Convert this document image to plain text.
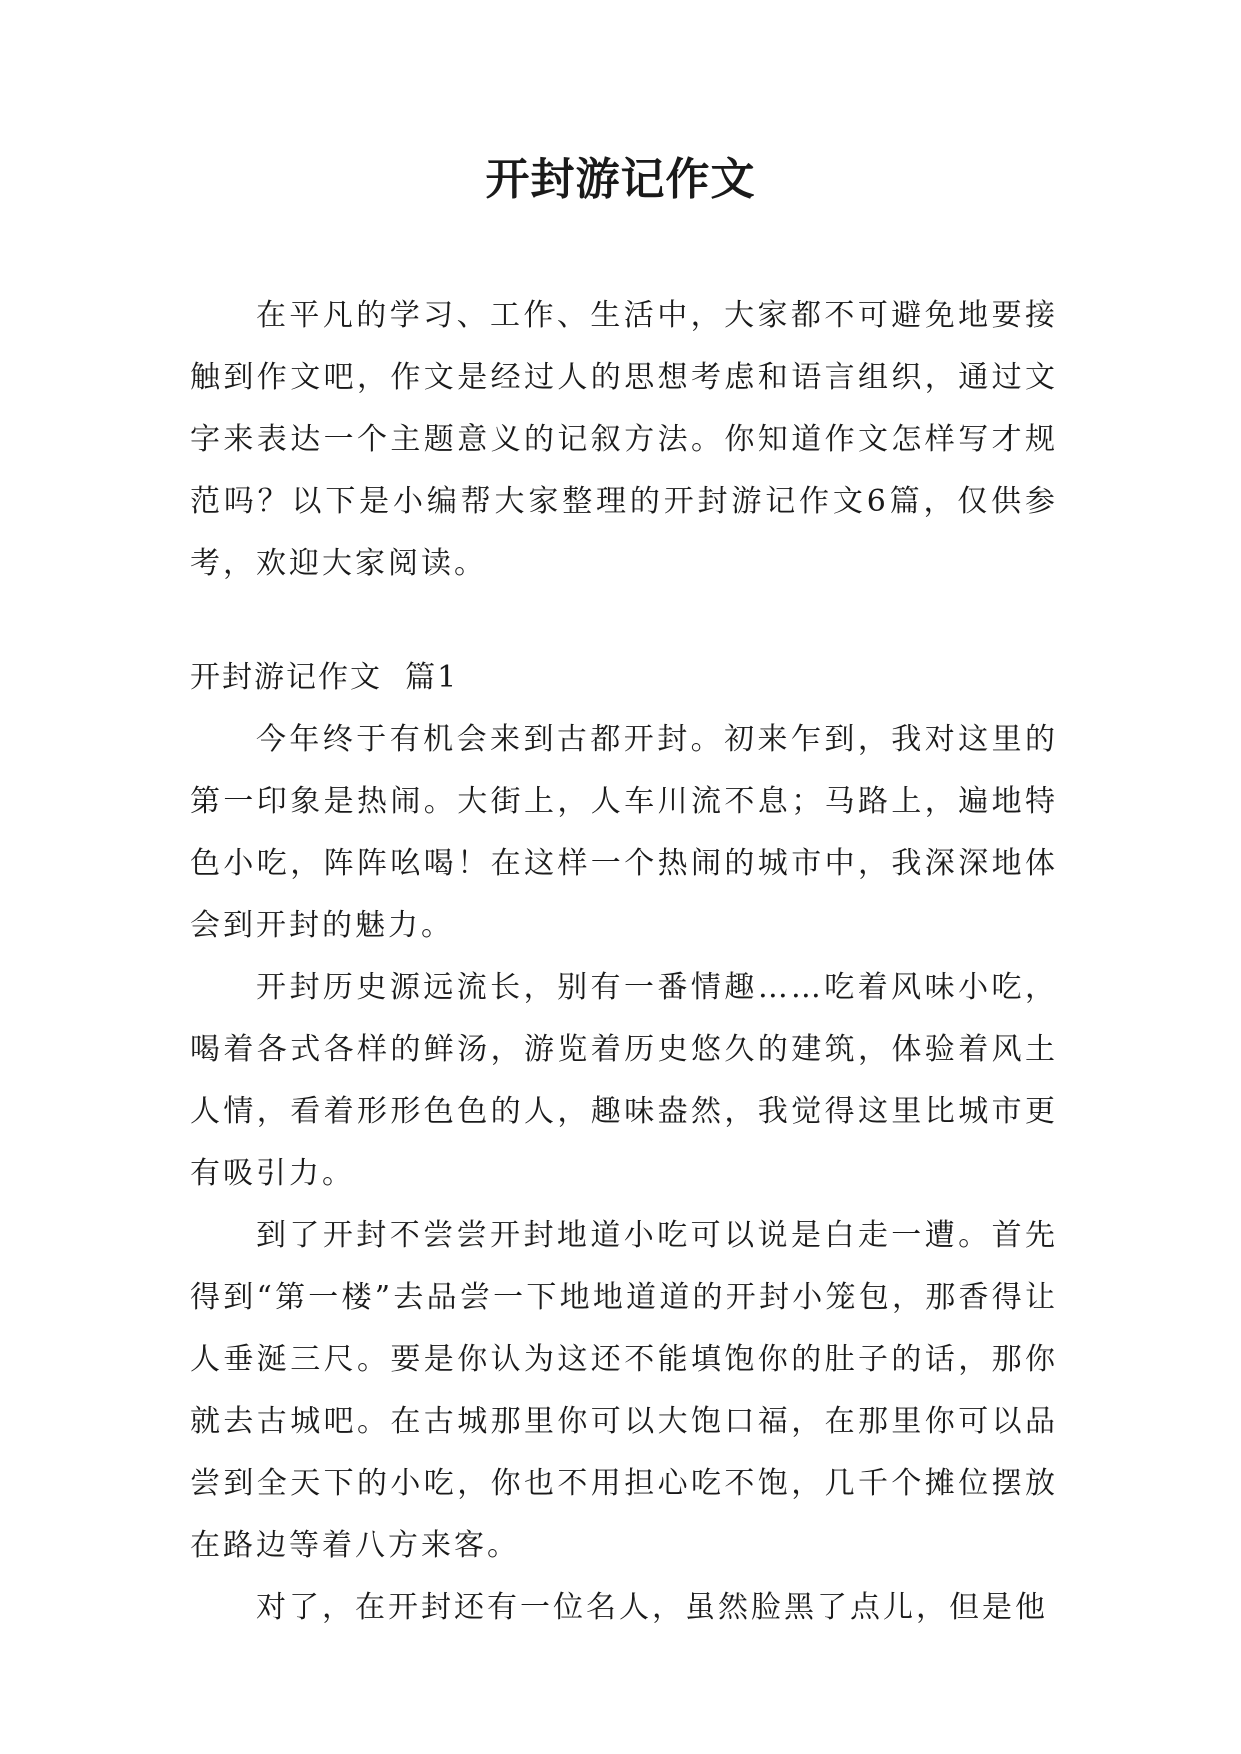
开封游记作文

在平凡的学习、工作、生活中，大家都不可避免地要接触到作文吧，作文是经过人的思想考虑和语言组织，通过文字来表达一个主题意义的记叙方法。你知道作文怎样写才规范吗？以下是小编帮大家整理的开封游记作文6篇，仅供参考，欢迎大家阅读。

开封游记作文  篇1

今年终于有机会来到古都开封。初来乍到，我对这里的第一印象是热闹。大街上，人车川流不息；马路上，遍地特色小吃，阵阵吆喝！在这样一个热闹的城市中，我深深地体会到开封的魅力。

开封历史源远流长，别有一番情趣……吃着风味小吃，喝着各式各样的鲜汤，游览着历史悠久的建筑，体验着风土人情，看着形形色色的人，趣味盎然，我觉得这里比城市更有吸引力。

到了开封不尝尝开封地道小吃可以说是白走一遭。首先得到“第一楼”去品尝一下地地道道的开封小笼包，那香得让人垂涎三尺。要是你认为这还不能填饱你的肚子的话，那你就去古城吧。在古城那里你可以大饱口福，在那里你可以品尝到全天下的小吃，你也不用担心吃不饱，几千个摊位摆放在路边等着八方来客。

对了，在开封还有一位名人，虽然脸黑了点儿，但是他
